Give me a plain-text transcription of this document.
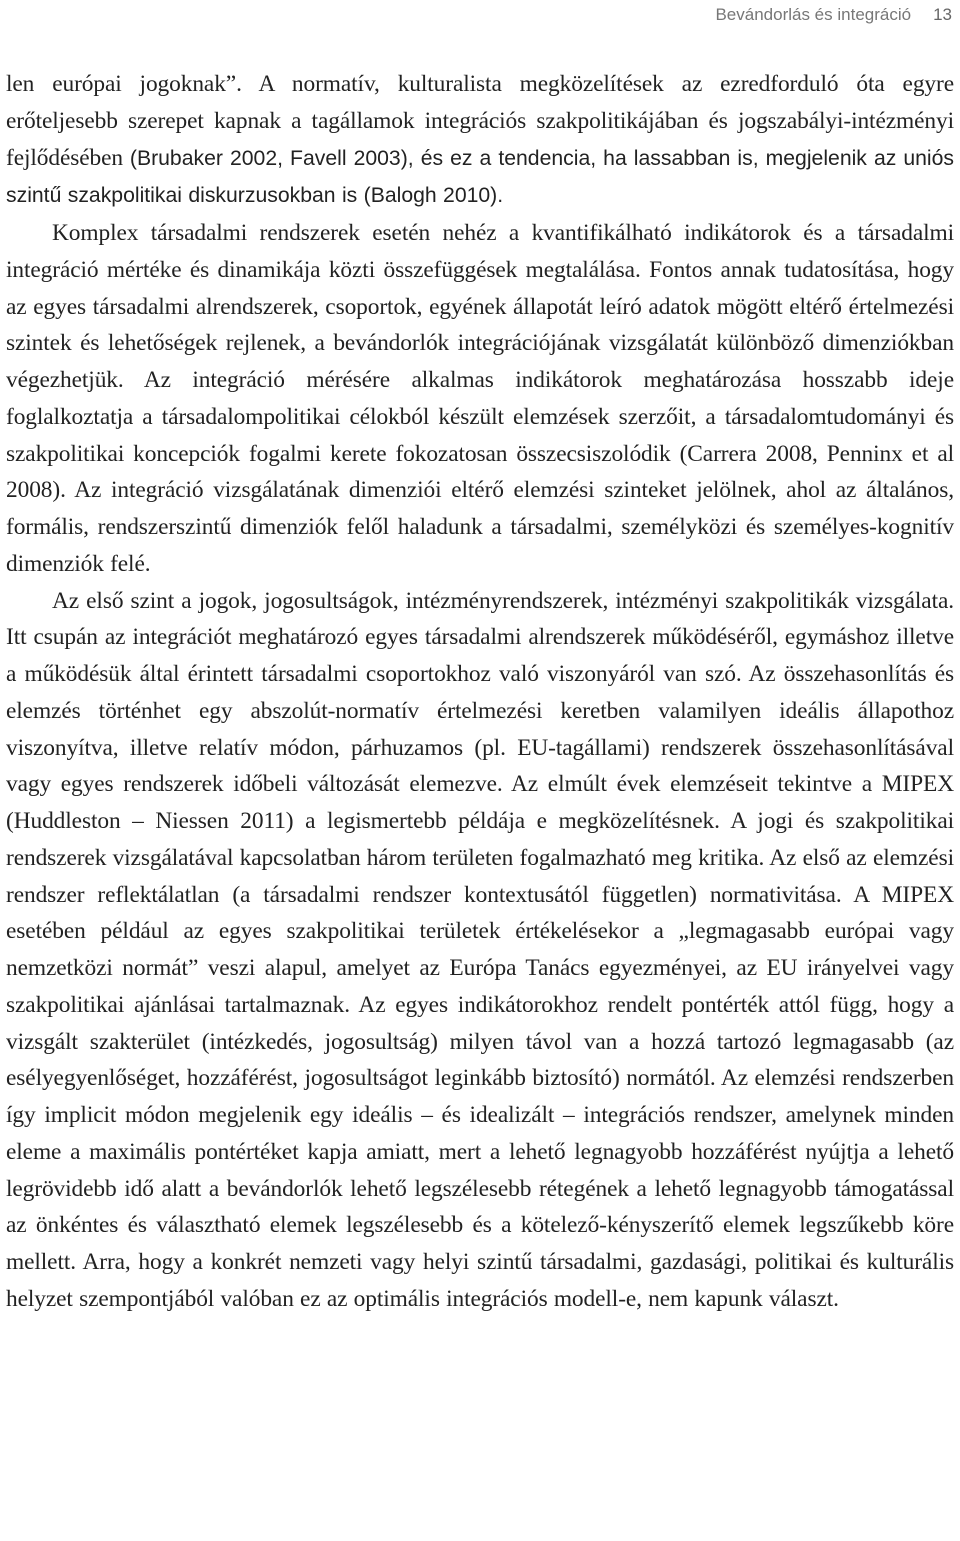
Bevándorlás és integráció 13

len európai jogoknak”. A normatív, kulturalista megközelítések az ezredforduló óta egyre erőteljesebb szerepet kapnak a tagállamok integrációs szakpolitikájában és jogszabályi-intézményi fejlődésében (Brubaker 2002, Favell 2003), és ez a tendencia, ha lassabban is, megjelenik az uniós szintű szakpolitikai diskurzusokban is (Balogh 2010).

Komplex társadalmi rendszerek esetén nehéz a kvantifikálható indikátorok és a társadalmi integráció mértéke és dinamikája közti összefüggések megtalálása. Fontos annak tudatosítása, hogy az egyes társadalmi alrendszerek, csoportok, egyének állapotát leíró adatok mögött eltérő értelmezési szintek és lehetőségek rejlenek, a bevándorlók integrációjának vizsgálatát különböző dimenziókban végezhetjük. Az integráció mérésére alkalmas indikátorok meghatározása hosszabb ideje foglalkoztatja a társadalompolitikai célokból készült elemzések szerzőit, a társadalomtudományi és szakpolitikai koncepciók fogalmi kerete fokozatosan összecsiszolódik (Carrera 2008, Penninx et al 2008). Az integráció vizsgálatának dimenziói eltérő elemzési szinteket jelölnek, ahol az általános, formális, rendszerszintű dimenziók felől haladunk a társadalmi, személyközi és személyes-kognitív dimenziók felé.

Az első szint a jogok, jogosultságok, intézményrendszerek, intézményi szakpolitikák vizsgálata. Itt csupán az integrációt meghatározó egyes társadalmi alrendszerek működéséről, egymáshoz illetve a működésük által érintett társadalmi csoportokhoz való viszonyáról van szó. Az összehasonlítás és elemzés történhet egy abszolút-normatív értelmezési keretben valamilyen ideális állapothoz viszonyítva, illetve relatív módon, párhuzamos (pl. EU-tagállami) rendszerek összehasonlításával vagy egyes rendszerek időbeli változását elemezve. Az elmúlt évek elemzéseit tekintve a MIPEX (Huddleston – Niessen 2011) a legismertebb példája e megközelítésnek. A jogi és szakpolitikai rendszerek vizsgálatával kapcsolatban három területen fogalmazható meg kritika. Az első az elemzési rendszer reflektálatlan (a társadalmi rendszer kontextusától független) normativitása. A MIPEX esetében például az egyes szakpolitikai területek értékelésekor a „legmagasabb európai vagy nemzetközi normát” veszi alapul, amelyet az Európa Tanács egyezményei, az EU irányelvei vagy szakpolitikai ajánlásai tartalmaznak. Az egyes indikátorokhoz rendelt pontérték attól függ, hogy a vizsgált szakterület (intézkedés, jogosultság) milyen távol van a hozzá tartozó legmagasabb (az esélyegyenlőséget, hozzáférést, jogosultságot leginkább biztosító) normától. Az elemzési rendszerben így implicit módon megjelenik egy ideális – és idealizált – integrációs rendszer, amelynek minden eleme a maximális pontértéket kapja amiatt, mert a lehető legnagyobb hozzáférést nyújtja a lehető legrövidebb idő alatt a bevándorlók lehető legszélesebb rétegének a lehető legnagyobb támogatással az önkéntes és választható elemek legszélesebb és a kötelező-kényszerítő elemek legszűkebb köre mellett. Arra, hogy a konkrét nemzeti vagy helyi szintű társadalmi, gazdasági, politikai és kulturális helyzet szempontjából valóban ez az optimális integrációs modell-e, nem kapunk választ.
